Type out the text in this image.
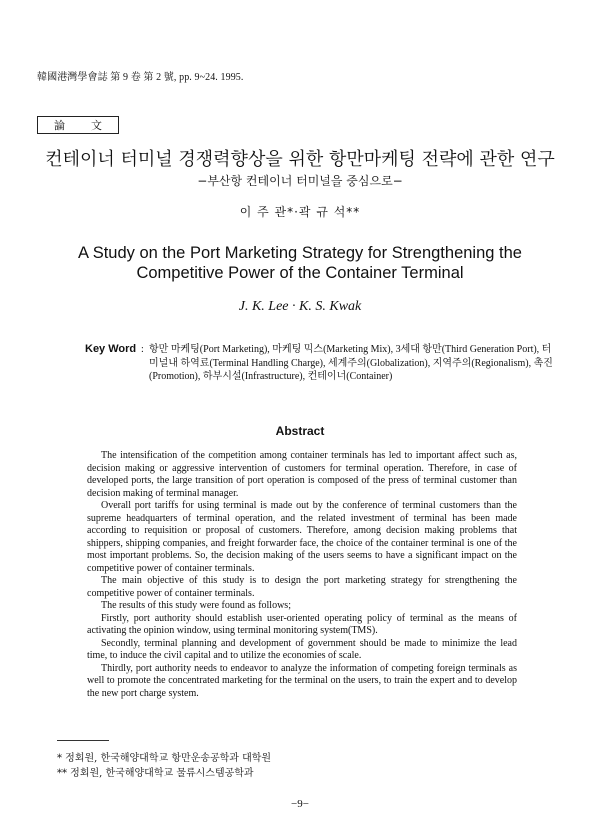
韓國港灣學會誌 第 9 卷 第 2 號, pp. 9~24. 1995.
論 文
컨테이너 터미널 경쟁력향상을 위한 항만마케팅 전략에 관한 연구
−부산항 컨테이너 터미널을 중심으로−
이 주 관*·곽 규 석**
A Study on the Port Marketing Strategy for Strengthening the
Competitive Power of the Container Terminal
J. K. Lee · K. S. Kwak
Key Word : 항만 마케팅(Port Marketing), 마케팅 믹스(Marketing Mix), 3세대 항만(Third Generation Port), 터미널내 하역료(Terminal Handling Charge), 세계주의(Globalization), 지역주의(Regionalism), 촉진(Promotion), 하부시설(Infrastructure), 컨테이너(Container)
Abstract

The intensification of the competition among container terminals has led to important affect such as, decision making or aggressive intervention of customers for terminal operation. Therefore, in case of developed ports, the large transition of port operation is composed of the press of terminal customer than decision making of terminal manager.

Overall port tariffs for using terminal is made out by the conference of terminal customers than the supreme headquarters of terminal operation, and the related investment of terminal has been made according to requisition or proposal of customers. Therefore, among decision making problems that shippers, shipping companies, and freight forwarder face, the choice of the container terminal is one of the most important problems. So, the decision making of the users seems to have a significant impact on the competitive power of container terminals.

The main objective of this study is to design the port marketing strategy for strengthening the competitive power of container terminals.

The results of this study were found as follows;

Firstly, port authority should establish user-oriented operating policy of terminal as the means of activating the opinion window, using terminal monitoring system(TMS).

Secondly, terminal planning and development of government should be made to minimize the lead time, to induce the civil capital and to utilize the economies of scale.

Thirdly, port authority needs to endeavor to analyze the information of competing foreign terminals as well to promote the concentrated marketing for the terminal on the users, to train the expert and to develop the new port charge system.

* 정회원, 한국해양대학교 항만운송공학과 대학원
** 정회원, 한국해양대학교 물류시스템공학과
−9−
